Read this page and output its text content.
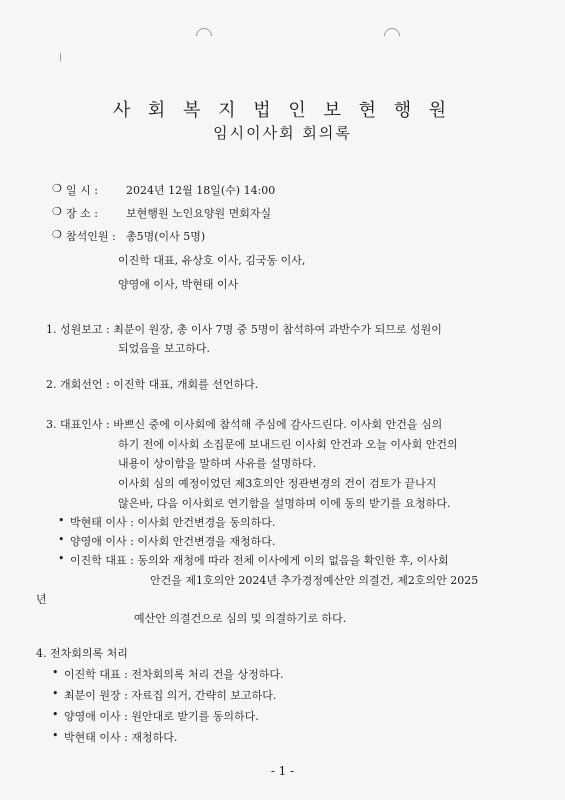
사 회 복 지 법 인 보 현 행 원
임시이사회 회의록
❍ 일 시 :	2024년 12월 18일(수) 14:00
❍ 장 소 :	보현행원 노인요양원 면회자실
❍ 참석인원 : 총5명(이사 5명)
이진학 대표, 유상호 이사, 김국동 이사,
양영애 이사, 박현태 이사
1. 성원보고 : 최분이 원장, 총 이사 7명 중 5명이 참석하여 과반수가 되므로 성원이
되었음을 보고하다.
2. 개회선언 : 이진학 대표, 개회를 선언하다.
3. 대표인사 : 바쁘신 중에 이사회에 참석해 주심에 감사드린다. 이사회 안건을 심의
하기 전에 이사회 소집문에 보내드린 이사회 안건과 오늘 이사회 안건의
내용이 상이함을 말하며 사유를 설명하다.
이사회 심의 예정이었던 제3호의안 정관변경의 건이 검토가 끝나지
않은바, 다음 이사회로 연기함을 설명하며 이에 동의 받기를 요청하다.
• 박현태 이사 : 이사회 안건변경을 동의하다.
• 양영애 이사 : 이사회 안건변경을 재청하다.
• 이진학 대표 : 동의와 재청에 따라 전체 이사에게 이의 없음을 확인한 후, 이사회
안건을 제1호의안 2024년 추가경정예산안 의결건, 제2호의안 2025
년
예산안 의결건으로 심의 및 의결하기로 하다.
4. 전차회의록 처리
• 이진학 대표 : 전차회의록 처리 건을 상정하다.
• 최분이 원장 : 자료집 의거, 간략히 보고하다.
• 양영애 이사 : 원안대로 받기를 동의하다.
• 박현태 이사 : 재청하다.
- 1 -
